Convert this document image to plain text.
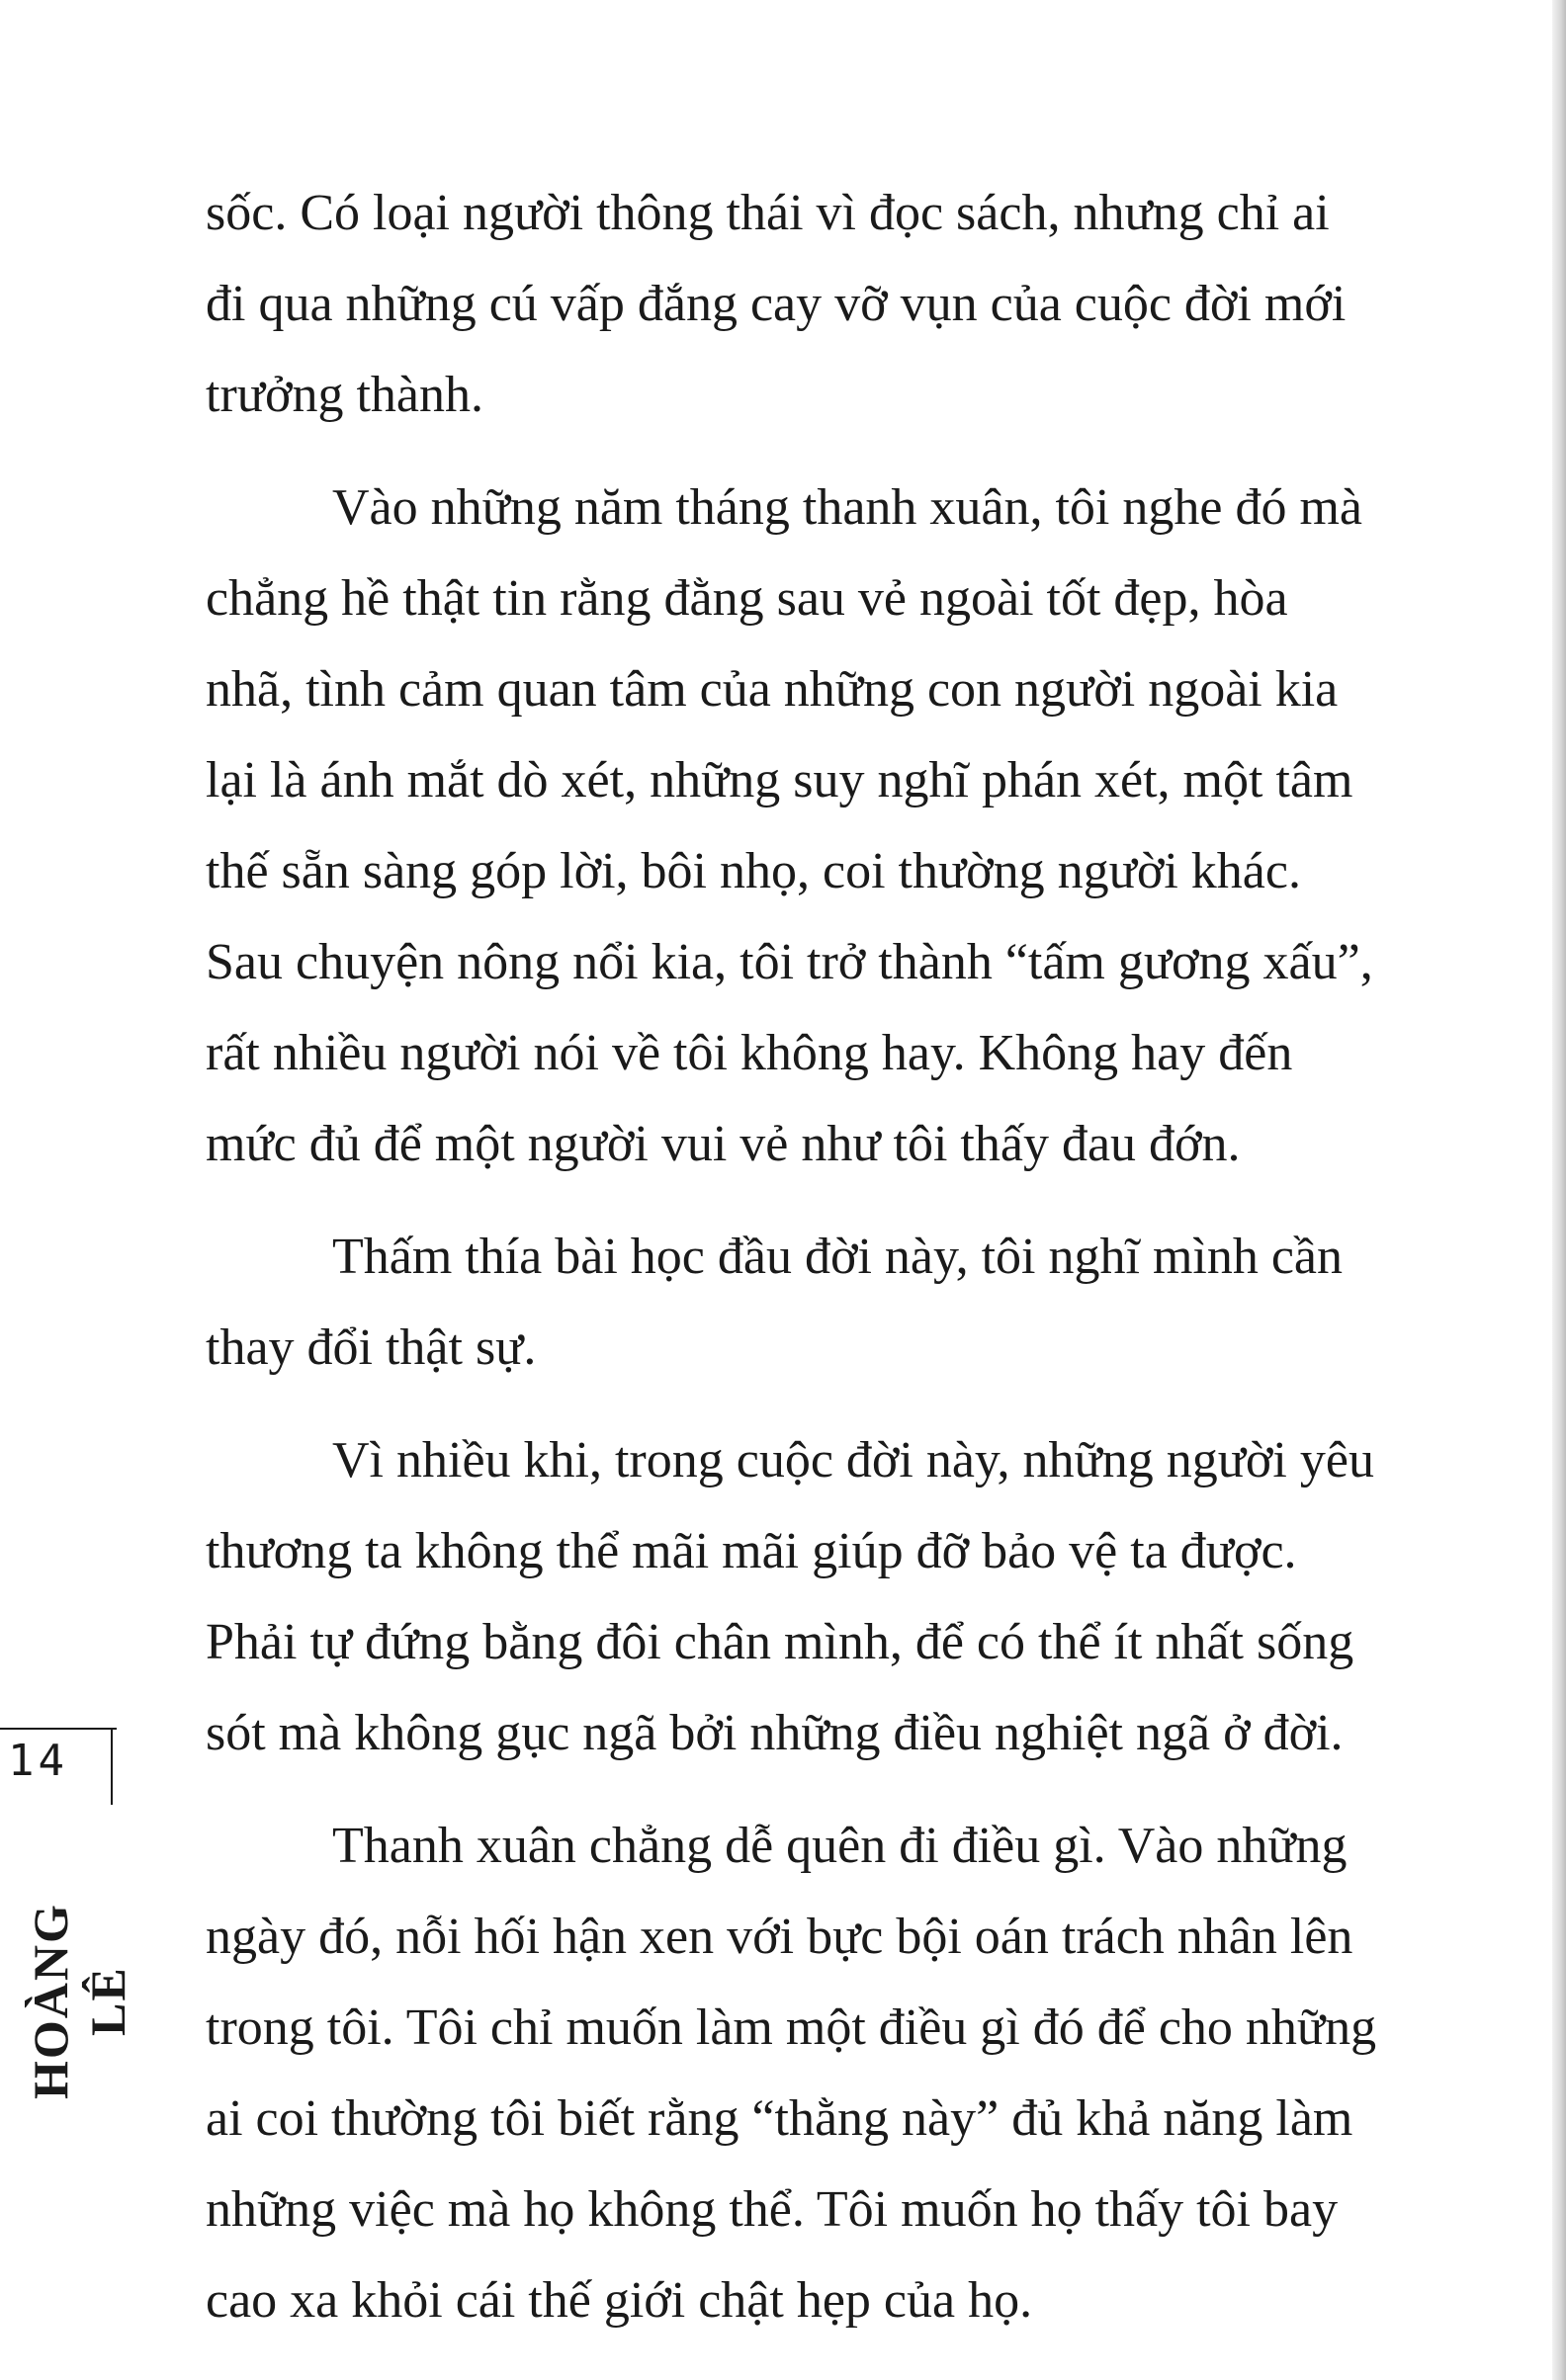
sốc. Có loại người thông thái vì đọc sách, nhưng chỉ ai
đi qua những cú vấp đắng cay vỡ vụn của cuộc đời mới
trưởng thành.
Vào những năm tháng thanh xuân, tôi nghe đó mà
chẳng hề thật tin rằng đằng sau vẻ ngoài tốt đẹp, hòa
nhã, tình cảm quan tâm của những con người ngoài kia
lại là ánh mắt dò xét, những suy nghĩ phán xét, một tâm
thế sẵn sàng góp lời, bôi nhọ, coi thường người khác.
Sau chuyện nông nổi kia, tôi trở thành “tấm gương xấu”,
rất nhiều người nói về tôi không hay. Không hay đến
mức đủ để một người vui vẻ như tôi thấy đau đớn.
Thấm thía bài học đầu đời này, tôi nghĩ mình cần
thay đổi thật sự.
Vì nhiều khi, trong cuộc đời này, những người yêu
thương ta không thể mãi mãi giúp đỡ bảo vệ ta được.
Phải tự đứng bằng đôi chân mình, để có thể ít nhất sống
sót mà không gục ngã bởi những điều nghiệt ngã ở đời.
Thanh xuân chẳng dễ quên đi điều gì. Vào những
ngày đó, nỗi hối hận xen với bực bội oán trách nhân lên
trong tôi. Tôi chỉ muốn làm một điều gì đó để cho những
ai coi thường tôi biết rằng “thằng này” đủ khả năng làm
những việc mà họ không thể. Tôi muốn họ thấy tôi bay
cao xa khỏi cái thế giới chật hẹp của họ.
14
HOÀNG LÊ
